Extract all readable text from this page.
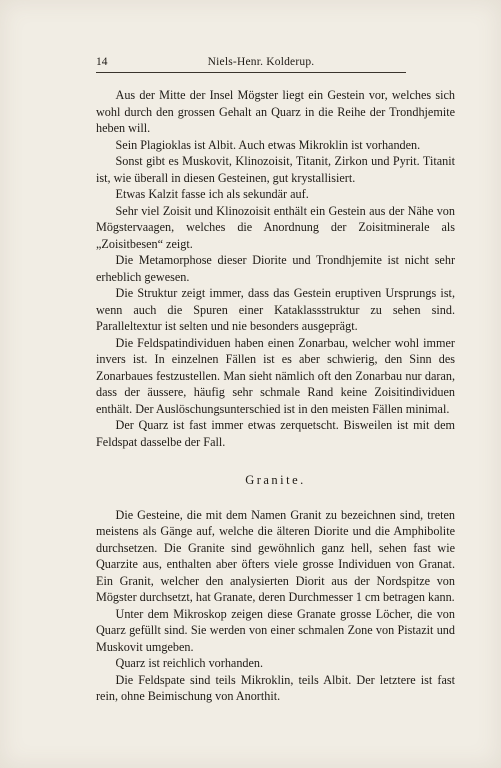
14	Niels-Henr. Kolderup.

Aus der Mitte der Insel Mögster liegt ein Gestein vor, welches sich wohl durch den grossen Gehalt an Quarz in die Reihe der Trondhjemite heben will.

Sein Plagioklas ist Albit. Auch etwas Mikroklin ist vorhanden.

Sonst gibt es Muskovit, Klinozoisit, Titanit, Zirkon und Pyrit. Titanit ist, wie überall in diesen Gesteinen, gut krystallisiert.

Etwas Kalzit fasse ich als sekundär auf.

Sehr viel Zoisit und Klinozoisit enthält ein Gestein aus der Nähe von Mögstervaagen, welches die Anordnung der Zoisitminerale als „Zoisitbesen“ zeigt.

Die Metamorphose dieser Diorite und Trondhjemite ist nicht sehr erheblich gewesen.

Die Struktur zeigt immer, dass das Gestein eruptiven Ursprungs ist, wenn auch die Spuren einer Kataklassstruktur zu sehen sind. Paralleltextur ist selten und nie besonders ausgeprägt.

Die Feldspatindividuen haben einen Zonarbau, welcher wohl immer invers ist. In einzelnen Fällen ist es aber schwierig, den Sinn des Zonarbaues festzustellen. Man sieht nämlich oft den Zonarbau nur daran, dass der äussere, häufig sehr schmale Rand keine Zoisitindividuen enthält. Der Auslöschungsunterschied ist in den meisten Fällen minimal.

Der Quarz ist fast immer etwas zerquetscht. Bisweilen ist mit dem Feldspat dasselbe der Fall.

Granite.

Die Gesteine, die mit dem Namen Granit zu bezeichnen sind, treten meistens als Gänge auf, welche die älteren Diorite und die Amphibolite durchsetzen. Die Granite sind gewöhnlich ganz hell, sehen fast wie Quarzite aus, enthalten aber öfters viele grosse Individuen von Granat. Ein Granit, welcher den analysierten Diorit aus der Nordspitze von Mögster durchsetzt, hat Granate, deren Durchmesser 1 cm betragen kann.

Unter dem Mikroskop zeigen diese Granate grosse Löcher, die von Quarz gefüllt sind. Sie werden von einer schmalen Zone von Pistazit und Muskovit umgeben.

Quarz ist reichlich vorhanden.

Die Feldspate sind teils Mikroklin, teils Albit. Der letztere ist fast rein, ohne Beimischung von Anorthit.
